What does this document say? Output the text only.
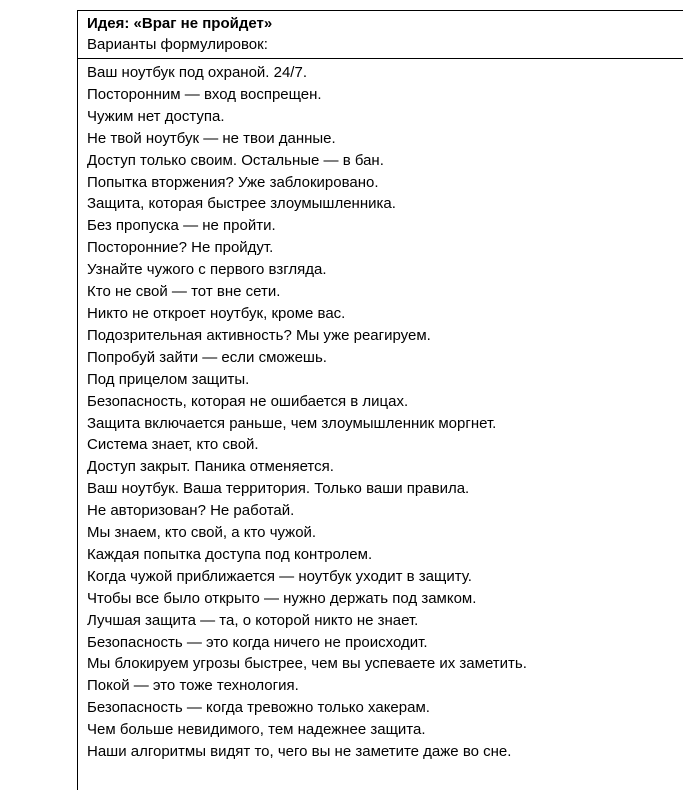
Идея: «Враг не пройдет»
Варианты формулировок:
Ваш ноутбук под охраной. 24/7.
Посторонним — вход воспрещен.
Чужим нет доступа.
Не твой ноутбук — не твои данные.
Доступ только своим. Остальные — в бан.
Попытка вторжения? Уже заблокировано.
Защита, которая быстрее злоумышленника.
Без пропуска — не пройти.
Посторонние? Не пройдут.
Узнайте чужого с первого взгляда.
Кто не свой — тот вне сети.
Никто не откроет ноутбук, кроме вас.
Подозрительная активность? Мы уже реагируем.
Попробуй зайти — если сможешь.
Под прицелом защиты.
Безопасность, которая не ошибается в лицах.
Защита включается раньше, чем злоумышленник моргнет.
Система знает, кто свой.
Доступ закрыт. Паника отменяется.
Ваш ноутбук. Ваша территория. Только ваши правила.
Не авторизован? Не работай.
Мы знаем, кто свой, а кто чужой.
Каждая попытка доступа под контролем.
Когда чужой приближается — ноутбук уходит в защиту.
Чтобы все было открыто — нужно держать под замком.
Лучшая защита — та, о которой никто не знает.
Безопасность — это когда ничего не происходит.
Мы блокируем угрозы быстрее, чем вы успеваете их заметить.
Покой — это тоже технология.
Безопасность — когда тревожно только хакерам.
Чем больше невидимого, тем надежнее защита.
Наши алгоритмы видят то, чего вы не заметите даже во сне.
